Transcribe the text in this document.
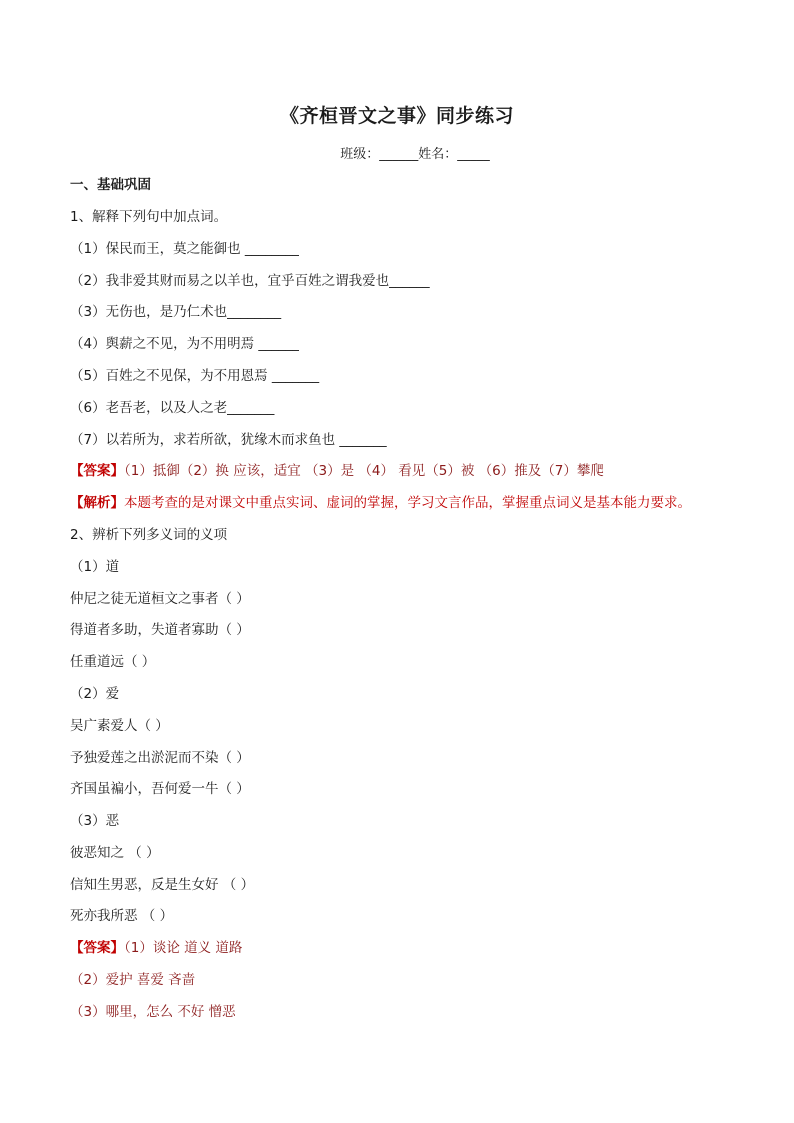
《齐桓晋文之事》同步练习
班级：______姓名：_____
一、基础巩固
1、解释下列句中加点词。
（1）保民而王，莫之能御也 ________
（2）我非爱其财而易之以羊也，宜乎百姓之谓我爱也______
（3）无伤也，是乃仁术也________
（4）舆薪之不见，为不用明焉 ______
（5）百姓之不见保，为不用恩焉 _______
（6）老吾老，以及人之老_______
（7）以若所为，求若所欲，犹缘木而求鱼也 _______
【答案】（1）抵御（2）换 应该，适宜 （3）是 （4） 看见（5）被 （6）推及（7）攀爬
【解析】本题考查的是对课文中重点实词、虚词的掌握，学习文言作品，掌握重点词义是基本能力要求。
2、辨析下列多义词的义项
（1）道
仲尼之徒无道桓文之事者（ ）
得道者多助，失道者寡助（ ）
任重道远（ ）
（2）爱
吴广素爱人（ ）
予独爱莲之出淤泥而不染（ ）
齐国虽褊小，吾何爱一牛（ ）
（3）恶
彼恶知之 （ ）
信知生男恶，反是生女好 （ ）
死亦我所恶 （ ）
【答案】（1）谈论 道义 道路
（2）爱护 喜爱 吝啬
（3）哪里，怎么 不好 憎恶
